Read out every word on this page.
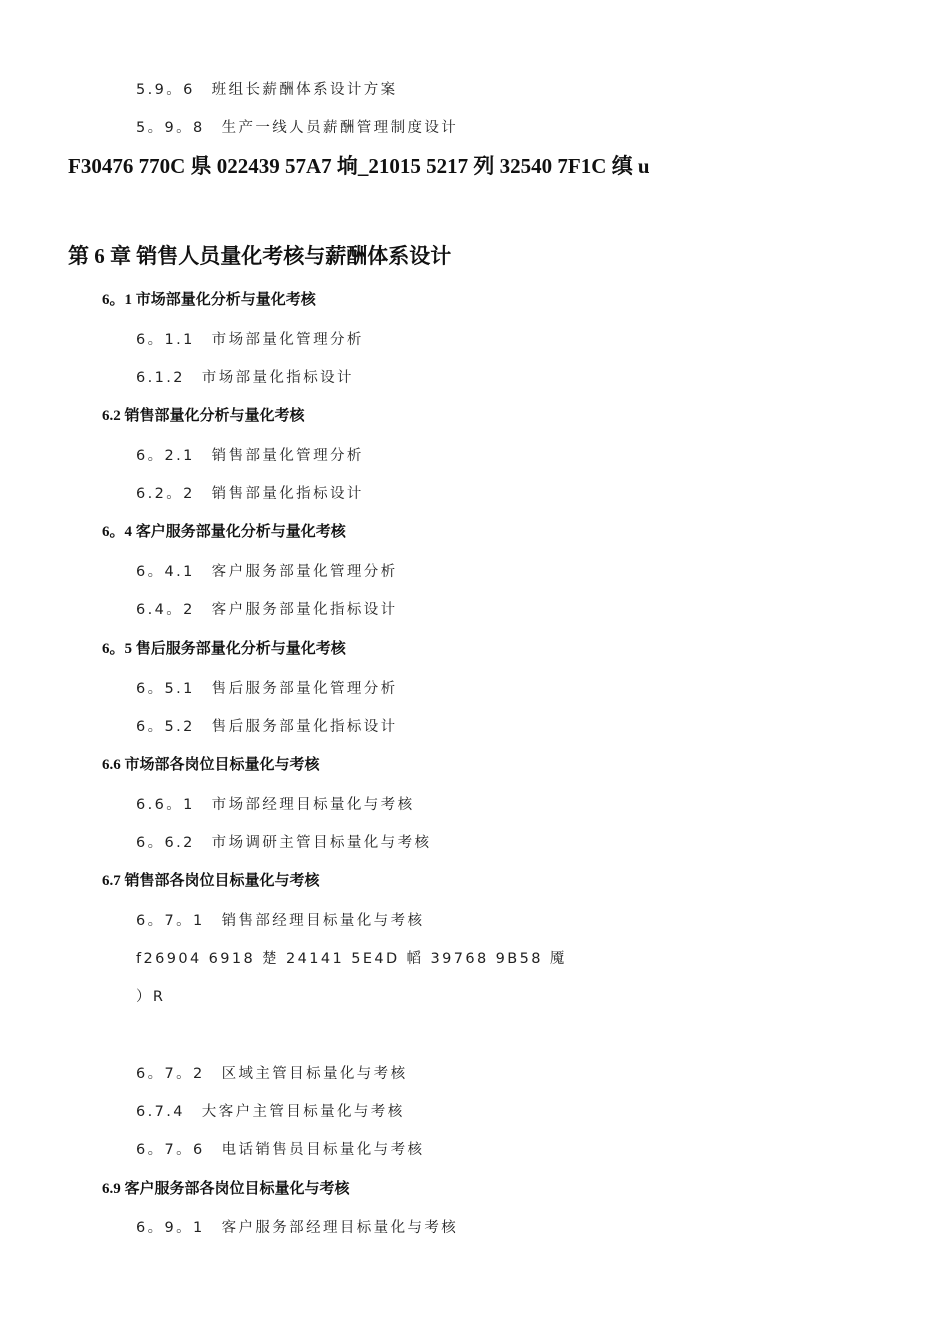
5.9。6　班组长薪酬体系设计方案
5。9。8　生产一线人员薪酬管理制度设计
F30476 770C 県 022439 57A7 垧_21015 5217 列 32540 7F1C 缜 u
第 6 章 销售人员量化考核与薪酬体系设计
6。1 市场部量化分析与量化考核
6。1.1　市场部量化管理分析
6.1.2　市场部量化指标设计
6.2 销售部量化分析与量化考核
6。2.1　销售部量化管理分析
6.2。2　销售部量化指标设计
6。4 客户服务部量化分析与量化考核
6。4.1　客户服务部量化管理分析
6.4。2　客户服务部量化指标设计
6。5 售后服务部量化分析与量化考核
6。5.1　售后服务部量化管理分析
6。5.2　售后服务部量化指标设计
6.6 市场部各岗位目标量化与考核
6.6。1　市场部经理目标量化与考核
6。6.2　市场调研主管目标量化与考核
6.7 销售部各岗位目标量化与考核
6。7。1　销售部经理目标量化与考核
f26904 6918 楚 24141 5E4D 幍 39768 9B58 魇
）R
6。7。2　区域主管目标量化与考核
6.7.4　大客户主管目标量化与考核
6。7。6　电话销售员目标量化与考核
6.9 客户服务部各岗位目标量化与考核
6。9。1　客户服务部经理目标量化与考核
